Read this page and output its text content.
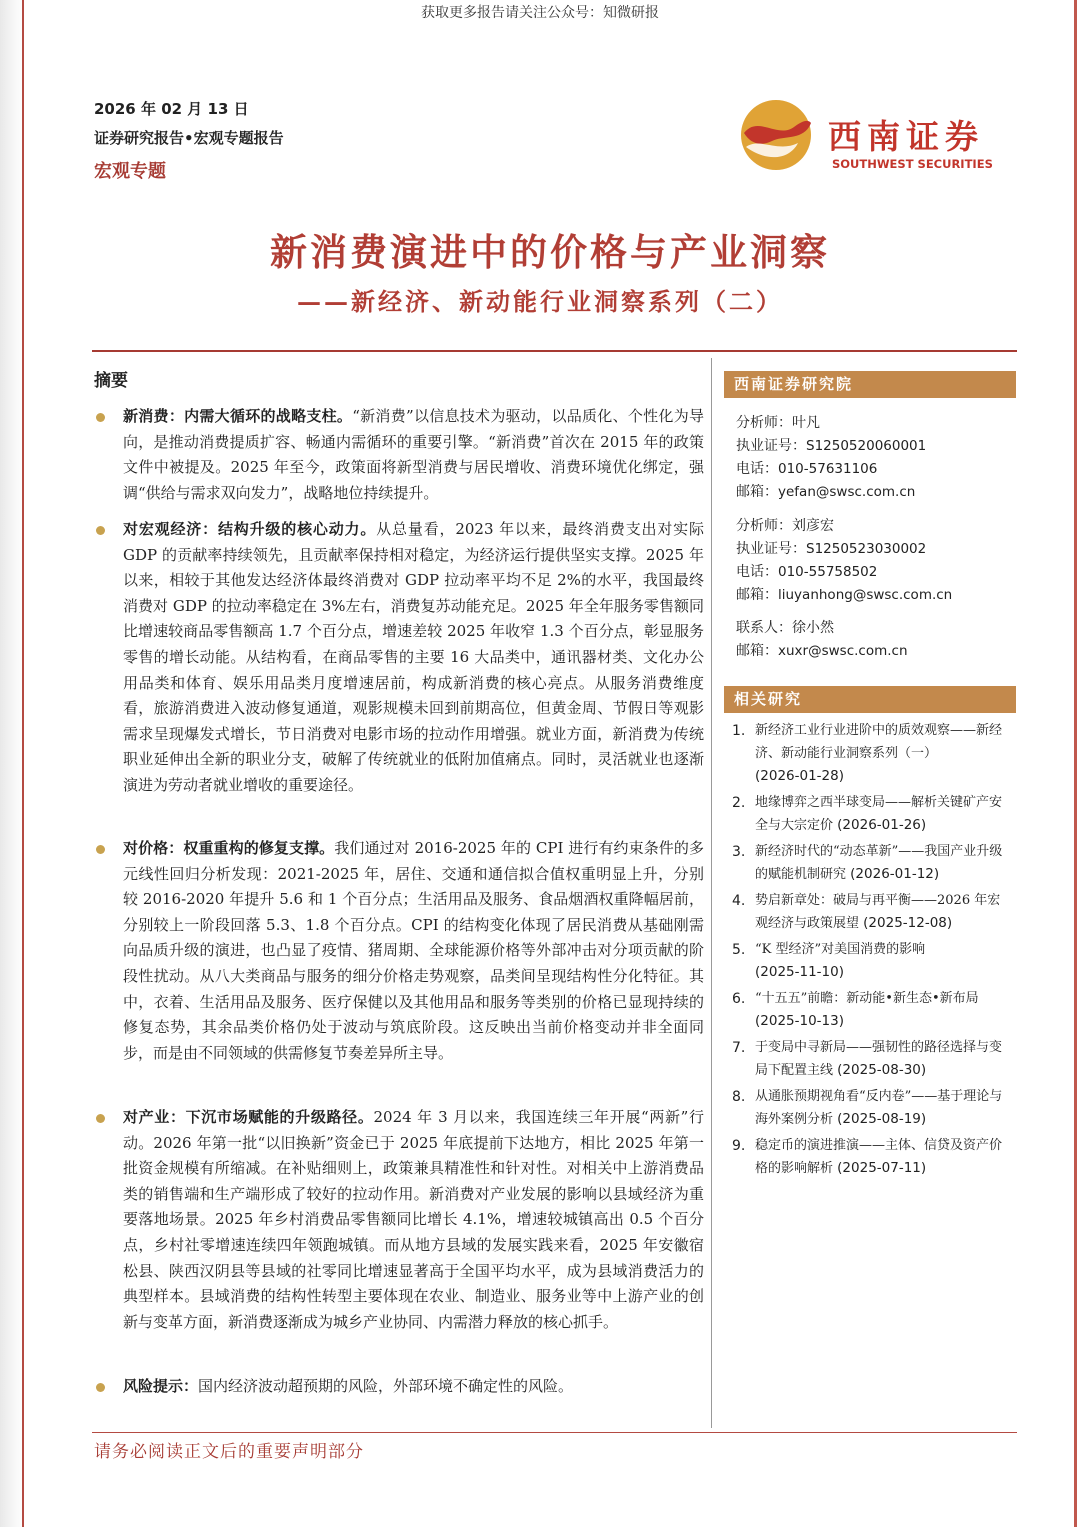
获取更多报告请关注公众号：知微研报
2026 年 02 月 13 日
证券研究报告•宏观专题报告
宏观专题
西南证券
SOUTHWEST SECURITIES
新消费演进中的价格与产业洞察
——新经济、新动能行业洞察系列（二）
摘要
新消费：内需大循环的战略支柱。“新消费”以信息技术为驱动，以品质化、个性化为导向，是推动消费提质扩容、畅通内需循环的重要引擎。“新消费”首次在 2015 年的政策文件中被提及。2025 年至今，政策面将新型消费与居民增收、消费环境优化绑定，强调“供给与需求双向发力”，战略地位持续提升。
对宏观经济：结构升级的核心动力。从总量看，2023 年以来，最终消费支出对实际 GDP 的贡献率持续领先，且贡献率保持相对稳定，为经济运行提供坚实支撑。2025 年以来，相较于其他发达经济体最终消费对 GDP 拉动率平均不足 2%的水平，我国最终消费对 GDP 的拉动率稳定在 3%左右，消费复苏动能充足。2025 年全年服务零售额同比增速较商品零售额高 1.7 个百分点，增速差较 2025 年收窄 1.3 个百分点，彰显服务零售的增长动能。从结构看，在商品零售的主要 16 大品类中，通讯器材类、文化办公用品类和体育、娱乐用品类月度增速居前，构成新消费的核心亮点。从服务消费维度看，旅游消费进入波动修复通道，观影规模未回到前期高位，但黄金周、节假日等观影需求呈现爆发式增长，节日消费对电影市场的拉动作用增强。就业方面，新消费为传统职业延伸出全新的职业分支，破解了传统就业的低附加值痛点。同时，灵活就业也逐渐演进为劳动者就业增收的重要途径。
对价格：权重重构的修复支撑。我们通过对 2016-2025 年的 CPI 进行有约束条件的多元线性回归分析发现：2021-2025 年，居住、交通和通信拟合值权重明显上升，分别较 2016-2020 年提升 5.6 和 1 个百分点；生活用品及服务、食品烟酒权重降幅居前，分别较上一阶段回落 5.3、1.8 个百分点。CPI 的结构变化体现了居民消费从基础刚需向品质升级的演进，也凸显了疫情、猪周期、全球能源价格等外部冲击对分项贡献的阶段性扰动。从八大类商品与服务的细分价格走势观察，品类间呈现结构性分化特征。其中，衣着、生活用品及服务、医疗保健以及其他用品和服务等类别的价格已显现持续的修复态势，其余品类价格仍处于波动与筑底阶段。这反映出当前价格变动并非全面同步，而是由不同领域的供需修复节奏差异所主导。
对产业：下沉市场赋能的升级路径。2024 年 3 月以来，我国连续三年开展“两新”行动。2026 年第一批“以旧换新”资金已于 2025 年底提前下达地方，相比 2025 年第一批资金规模有所缩减。在补贴细则上，政策兼具精准性和针对性。对相关中上游消费品类的销售端和生产端形成了较好的拉动作用。新消费对产业发展的影响以县域经济为重要落地场景。2025 年乡村消费品零售额同比增长 4.1%，增速较城镇高出 0.5 个百分点，乡村社零增速连续四年领跑城镇。而从地方县域的发展实践来看，2025 年安徽宿松县、陕西汉阴县等县域的社零同比增速显著高于全国平均水平，成为县域消费活力的典型样本。县域消费的结构性转型主要体现在农业、制造业、服务业等中上游产业的创新与变革方面，新消费逐渐成为城乡产业协同、内需潜力释放的核心抓手。
风险提示：国内经济波动超预期的风险，外部环境不确定性的风险。
西南证券研究院
分析师：叶凡
执业证号：S1250520060001
电话：010-57631106
邮箱：yefan@swsc.com.cn
分析师：刘彦宏
执业证号：S1250523030002
电话：010-55758502
邮箱：liuyanhong@swsc.com.cn
联系人：徐小然
邮箱：xuxr@swsc.com.cn
相关研究
1. 新经济工业行业进阶中的质效观察——新经济、新动能行业洞察系列（一）
(2026-01-28)
2. 地缘博弈之西半球变局——解析关键矿产安全与大宗定价 (2026-01-26)
3. 新经济时代的“动态革新”——我国产业升级的赋能机制研究 (2026-01-12)
4. 势启新章处：破局与再平衡——2026 年宏观经济与政策展望 (2025-12-08)
5. “K 型经济”对美国消费的影响
(2025-11-10)
6. “十五五”前瞻：新动能•新生态•新布局 (2025-10-13)
7. 于变局中寻新局——强韧性的路径选择与变局下配置主线 (2025-08-30)
8. 从通胀预期视角看“反内卷”——基于理论与海外案例分析 (2025-08-19)
9. 稳定币的演进推演——主体、信贷及资产价格的影响解析 (2025-07-11)
请务必阅读正文后的重要声明部分
